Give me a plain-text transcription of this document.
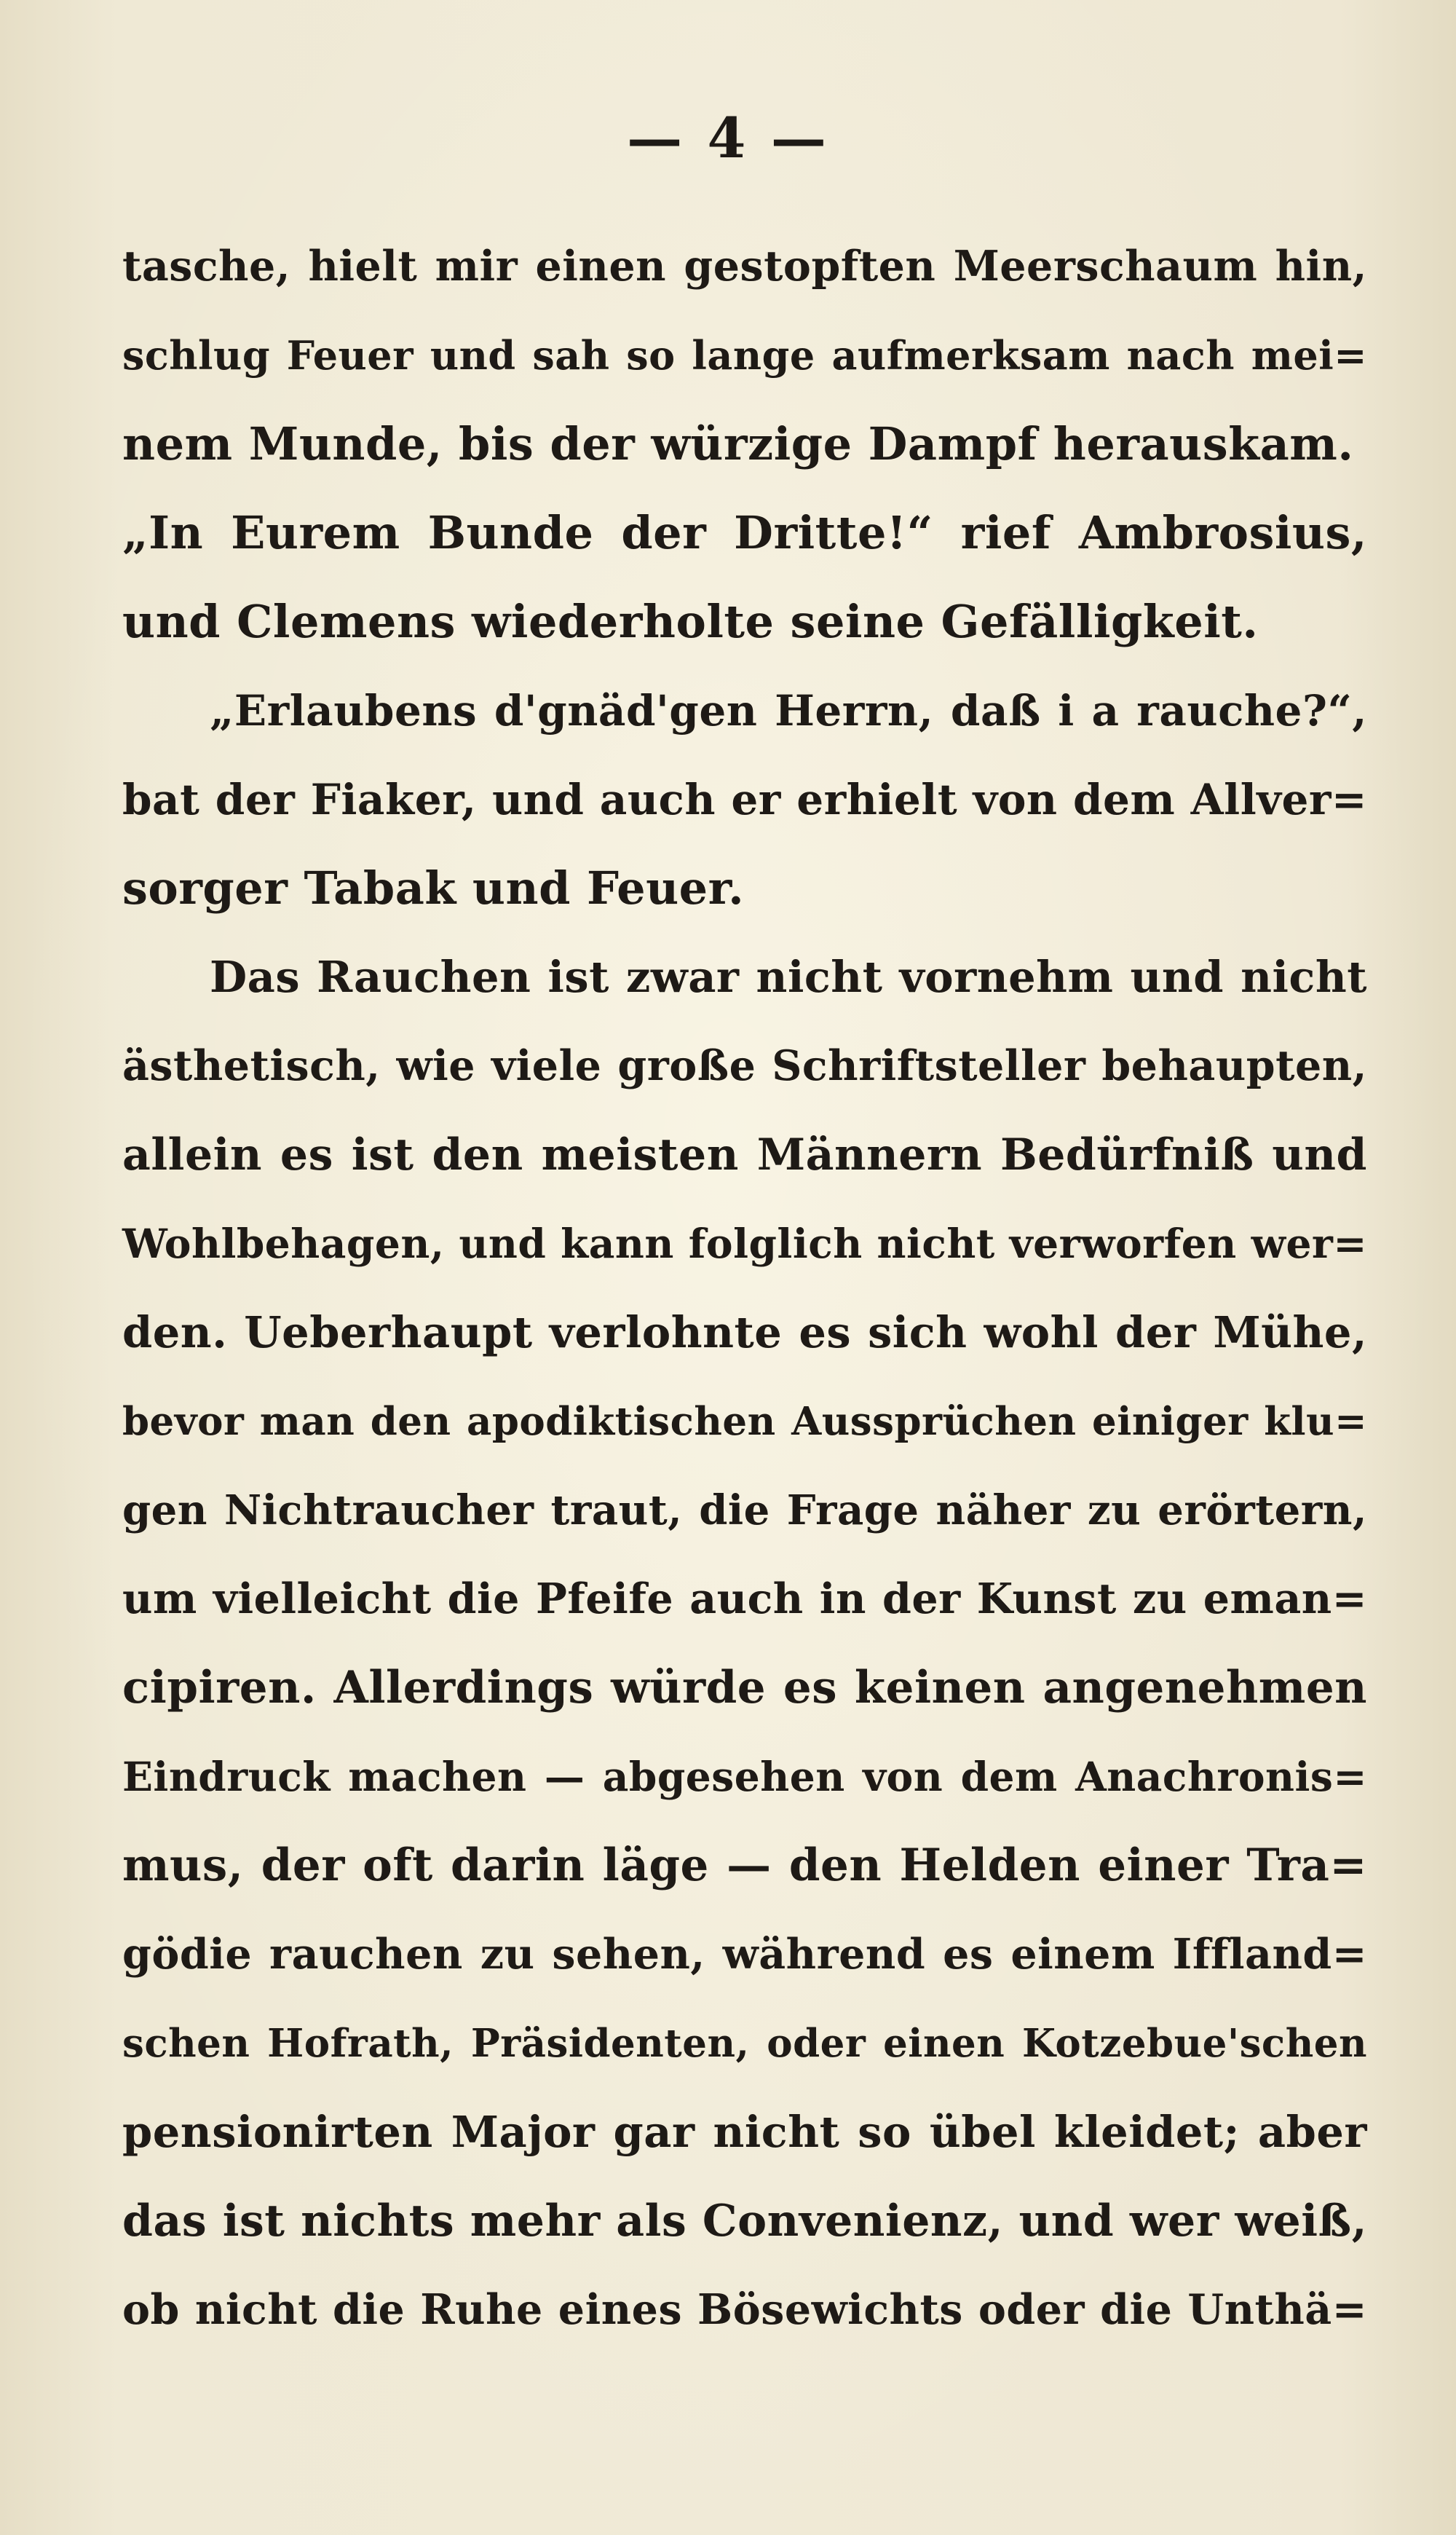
— 4 —
tasche, hielt mir einen gestopften Meerschaum hin,
schlug Feuer und sah so lange aufmerksam nach mei=
nem Munde, bis der würzige Dampf herauskam.
„In Eurem Bunde der Dritte!“ rief Ambrosius,
und Clemens wiederholte seine Gefälligkeit.
„Erlaubens d'gnäd'gen Herrn, daß i a rauche?“,
bat der Fiaker, und auch er erhielt von dem Allver=
sorger Tabak und Feuer.
Das Rauchen ist zwar nicht vornehm und nicht
ästhetisch, wie viele große Schriftsteller behaupten,
allein es ist den meisten Männern Bedürfniß und
Wohlbehagen, und kann folglich nicht verworfen wer=
den. Ueberhaupt verlohnte es sich wohl der Mühe,
bevor man den apodiktischen Aussprüchen einiger klu=
gen Nichtraucher traut, die Frage näher zu erörtern,
um vielleicht die Pfeife auch in der Kunst zu eman=
cipiren. Allerdings würde es keinen angenehmen
Eindruck machen — abgesehen von dem Anachronis=
mus, der oft darin läge — den Helden einer Tra=
gödie rauchen zu sehen, während es einem Iffland=
schen Hofrath, Präsidenten, oder einen Kotzebue'schen
pensionirten Major gar nicht so übel kleidet; aber
das ist nichts mehr als Convenienz, und wer weiß,
ob nicht die Ruhe eines Bösewichts oder die Unthä=
